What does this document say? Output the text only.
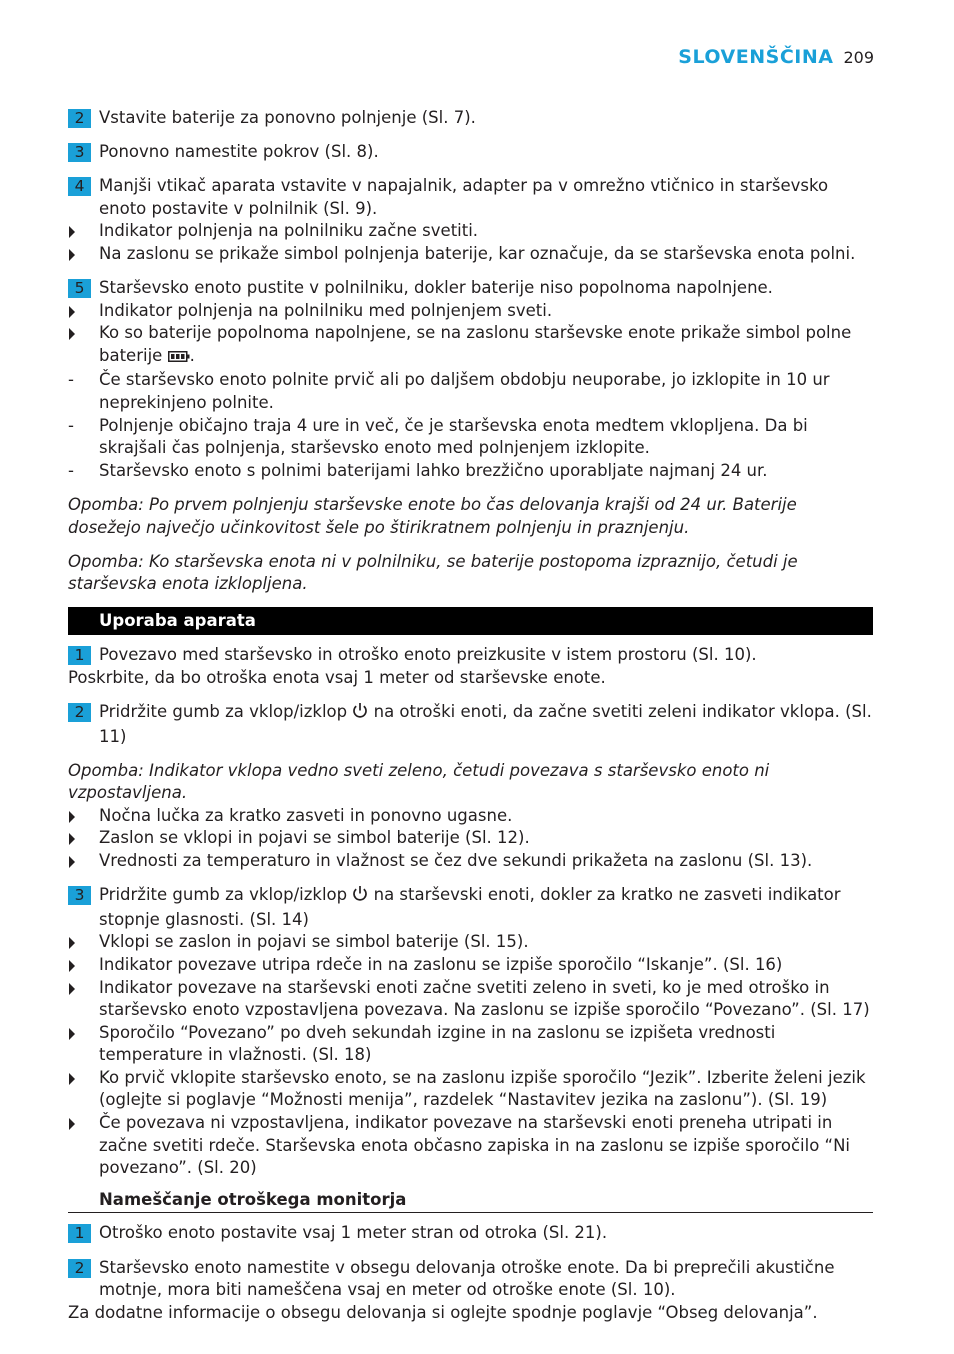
SLOVENŠČINA 209
2 Vstavite baterije za ponovno polnjenje (Sl. 7).
3 Ponovno namestite pokrov (Sl. 8).
4 Manjši vtikač aparata vstavite v napajalnik, adapter pa v omrežno vtičnico in starševsko enoto postavite v polnilnik (Sl. 9).
Indikator polnjenja na polnilniku začne svetiti.
Na zaslonu se prikaže simbol polnjenja baterije, kar označuje, da se starševska enota polni.
5 Starševsko enoto pustite v polnilniku, dokler baterije niso popolnoma napolnjene.
Indikator polnjenja na polnilniku med polnjenjem sveti.
Ko so baterije popolnoma napolnjene, se na zaslonu starševske enote prikaže simbol polne baterije .
- Če starševsko enoto polnite prvič ali po daljšem obdobju neuporabe, jo izklopite in 10 ur neprekinjeno polnite.
- Polnjenje običajno traja 4 ure in več, če je starševska enota medtem vklopljena. Da bi skrajšali čas polnjenja, starševsko enoto med polnjenjem izklopite.
- Starševsko enoto s polnimi baterijami lahko brezžično uporabljate najmanj 24 ur.
Opomba: Po prvem polnjenju starševske enote bo čas delovanja krajši od 24 ur. Baterije dosežejo največjo učinkovitost šele po štirikratnem polnjenju in praznjenju.
Opomba: Ko starševska enota ni v polnilniku, se baterije postopoma izpraznijo, četudi je starševska enota izklopljena.
Uporaba aparata
1 Povezavo med starševsko in otroško enoto preizkusite v istem prostoru (Sl. 10).
Poskrbite, da bo otroška enota vsaj 1 meter od starševske enote.
2 Pridržite gumb za vklop/izklop  na otroški enoti, da začne svetiti zeleni indikator vklopa. (Sl. 11)
Opomba: Indikator vklopa vedno sveti zeleno, četudi povezava s starševsko enoto ni vzpostavljena.
Nočna lučka za kratko zasveti in ponovno ugasne.
Zaslon se vklopi in pojavi se simbol baterije (Sl. 12).
Vrednosti za temperaturo in vlažnost se čez dve sekundi prikažeta na zaslonu (Sl. 13).
3 Pridržite gumb za vklop/izklop  na starševski enoti, dokler za kratko ne zasveti indikator stopnje glasnosti. (Sl. 14)
Vklopi se zaslon in pojavi se simbol baterije (Sl. 15).
Indikator povezave utripa rdeče in na zaslonu se izpiše sporočilo “Iskanje”. (Sl. 16)
Indikator povezave na starševski enoti začne svetiti zeleno in sveti, ko je med otroško in starševsko enoto vzpostavljena povezava. Na zaslonu se izpiše sporočilo “Povezano”. (Sl. 17)
Sporočilo “Povezano” po dveh sekundah izgine in na zaslonu se izpišeta vrednosti temperature in vlažnosti. (Sl. 18)
Ko prvič vklopite starševsko enoto, se na zaslonu izpiše sporočilo “Jezik”. Izberite želeni jezik (oglejte si poglavje “Možnosti menija”, razdelek “Nastavitev jezika na zaslonu”). (Sl. 19)
Če povezava ni vzpostavljena, indikator povezave na starševski enoti preneha utripati in začne svetiti rdeče. Starševska enota občasno zapiska in na zaslonu se izpiše sporočilo “Ni povezano”. (Sl. 20)
Nameščanje otroškega monitorja
1 Otroško enoto postavite vsaj 1 meter stran od otroka (Sl. 21).
2 Starševsko enoto namestite v obsegu delovanja otroške enote. Da bi preprečili akustične motnje, mora biti nameščena vsaj en meter od otroške enote (Sl. 10).
Za dodatne informacije o obsegu delovanja si oglejte spodnje poglavje “Obseg delovanja”.
